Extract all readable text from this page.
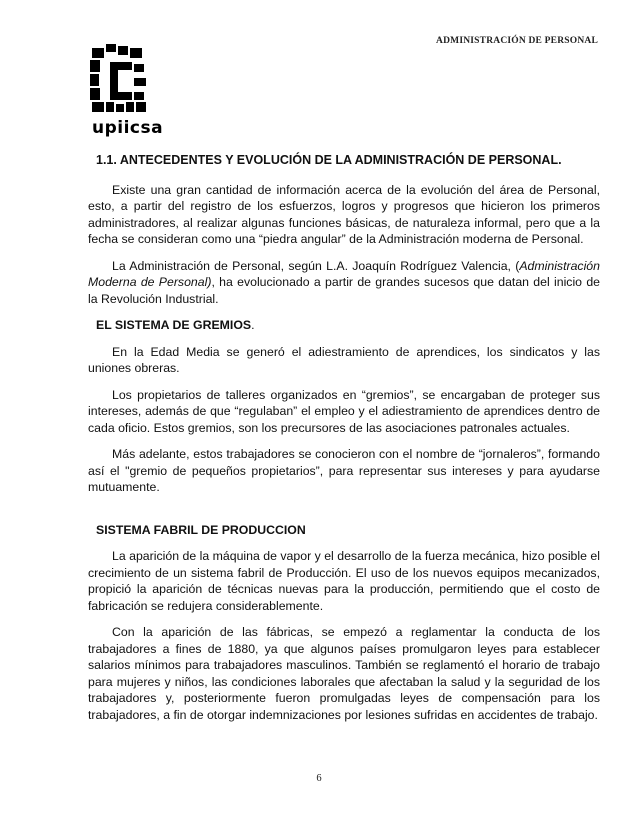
ADMINISTRACIÓN DE PERSONAL
upiicsa
1.1. ANTECEDENTES Y EVOLUCIÓN DE LA ADMINISTRACIÓN DE PERSONAL.

Existe una gran cantidad de información acerca de la evolución del área de Personal, esto, a partir del registro de los esfuerzos, logros y progresos que hicieron los primeros administradores, al realizar algunas funciones básicas, de naturaleza informal, pero que a la fecha se consideran como una “piedra angular” de la Administración moderna de Personal.

La Administración de Personal, según L.A. Joaquín Rodríguez Valencia, (Administración Moderna de Personal), ha evolucionado a partir de grandes sucesos que datan del inicio de la Revolución Industrial.

EL SISTEMA DE GREMIOS.

En la Edad Media se generó el adiestramiento de aprendices, los sindicatos y las uniones obreras.

Los propietarios de talleres organizados en “gremios”, se encargaban de proteger sus intereses, además de que “regulaban” el empleo y el adiestramiento de aprendices dentro de cada oficio. Estos gremios, son los precursores de las asociaciones patronales actuales.

Más adelante, estos trabajadores se conocieron con el nombre de “jornaleros”, formando así el "gremio de pequeños propietarios”, para representar sus intereses y para ayudarse mutuamente.

SISTEMA FABRIL DE PRODUCCION

La aparición de la máquina de vapor y el desarrollo de la fuerza mecánica, hizo posible el crecimiento de un sistema fabril de Producción. El uso de los nuevos equipos mecanizados, propició la aparición de técnicas nuevas para la producción, permitiendo que el costo de fabricación se redujera considerablemente.

Con la aparición de las fábricas, se empezó a reglamentar la conducta de los trabajadores a fines de 1880, ya que algunos países promulgaron leyes para establecer salarios mínimos para trabajadores masculinos. También se reglamentó el horario de trabajo para mujeres y niños, las condiciones laborales que afectaban la salud y la seguridad de los trabajadores y, posteriormente fueron promulgadas leyes de compensación para los trabajadores, a fin de otorgar indemnizaciones por lesiones sufridas en accidentes de trabajo.

6
